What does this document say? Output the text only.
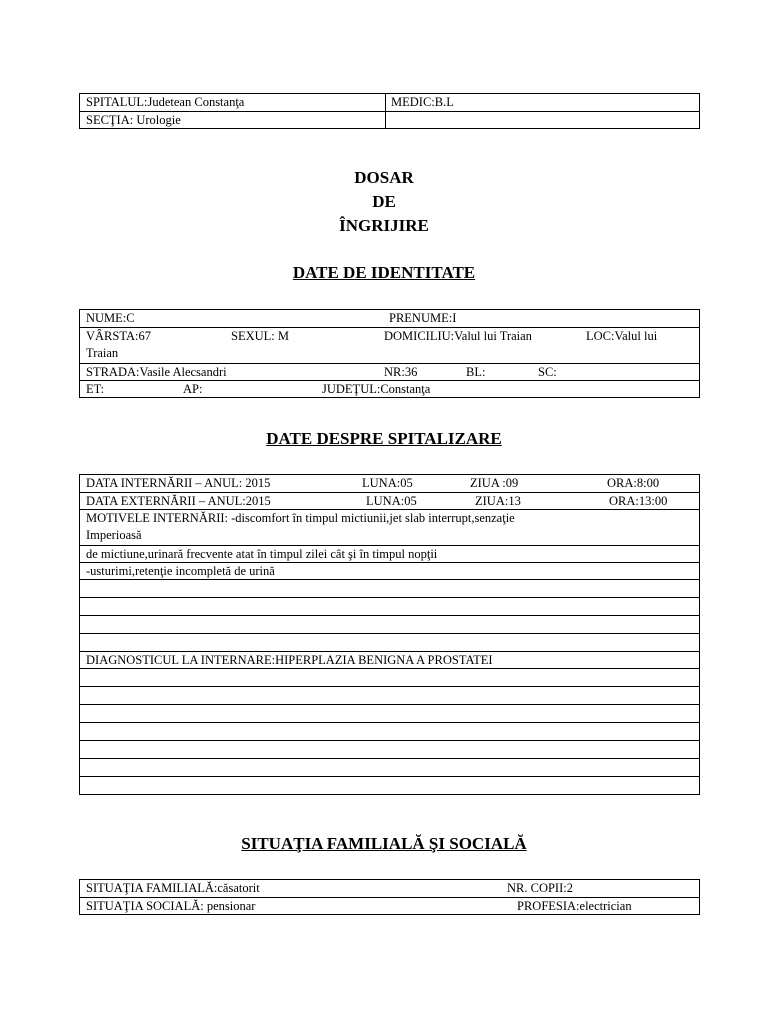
SPITALUL:Judetean Constanţa	MEDIC:B.L
SECŢIA: Urologie
DOSAR
DE
ÎNGRIJIRE
DATE DE IDENTITATE
NUME:C	PRENUME:I
VÂRSTA:67	SEXUL: M	DOMICILIU:Valul lui Traian	LOC:Valul lui
Traian
STRADA:Vasile Alecsandri	NR:36	BL:	SC:
ET:	AP:	JUDEŢUL:Constanţa
DATE DESPRE SPITALIZARE
DATA INTERNĂRII – ANUL: 2015	LUNA:05	ZIUA :09	ORA:8:00
DATA EXTERNĂRII – ANUL:2015	LUNA:05	ZIUA:13	ORA:13:00
MOTIVELE INTERNĂRII: -discomfort în timpul mictiunii,jet slab interrupt,senzaţie
Imperioasă
de mictiune,urinară frecvente atat în timpul zilei cât şi în timpul nopţii
-usturimi,retenţie incompletă de urină
DIAGNOSTICUL LA INTERNARE:HIPERPLAZIA BENIGNA A PROSTATEI
SITUAŢIA FAMILIALĂ ŞI SOCIALĂ
SITUAŢIA FAMILIALĂ:căsatorit	NR. COPII:2
SITUAŢIA SOCIALĂ: pensionar	PROFESIA:electrician
